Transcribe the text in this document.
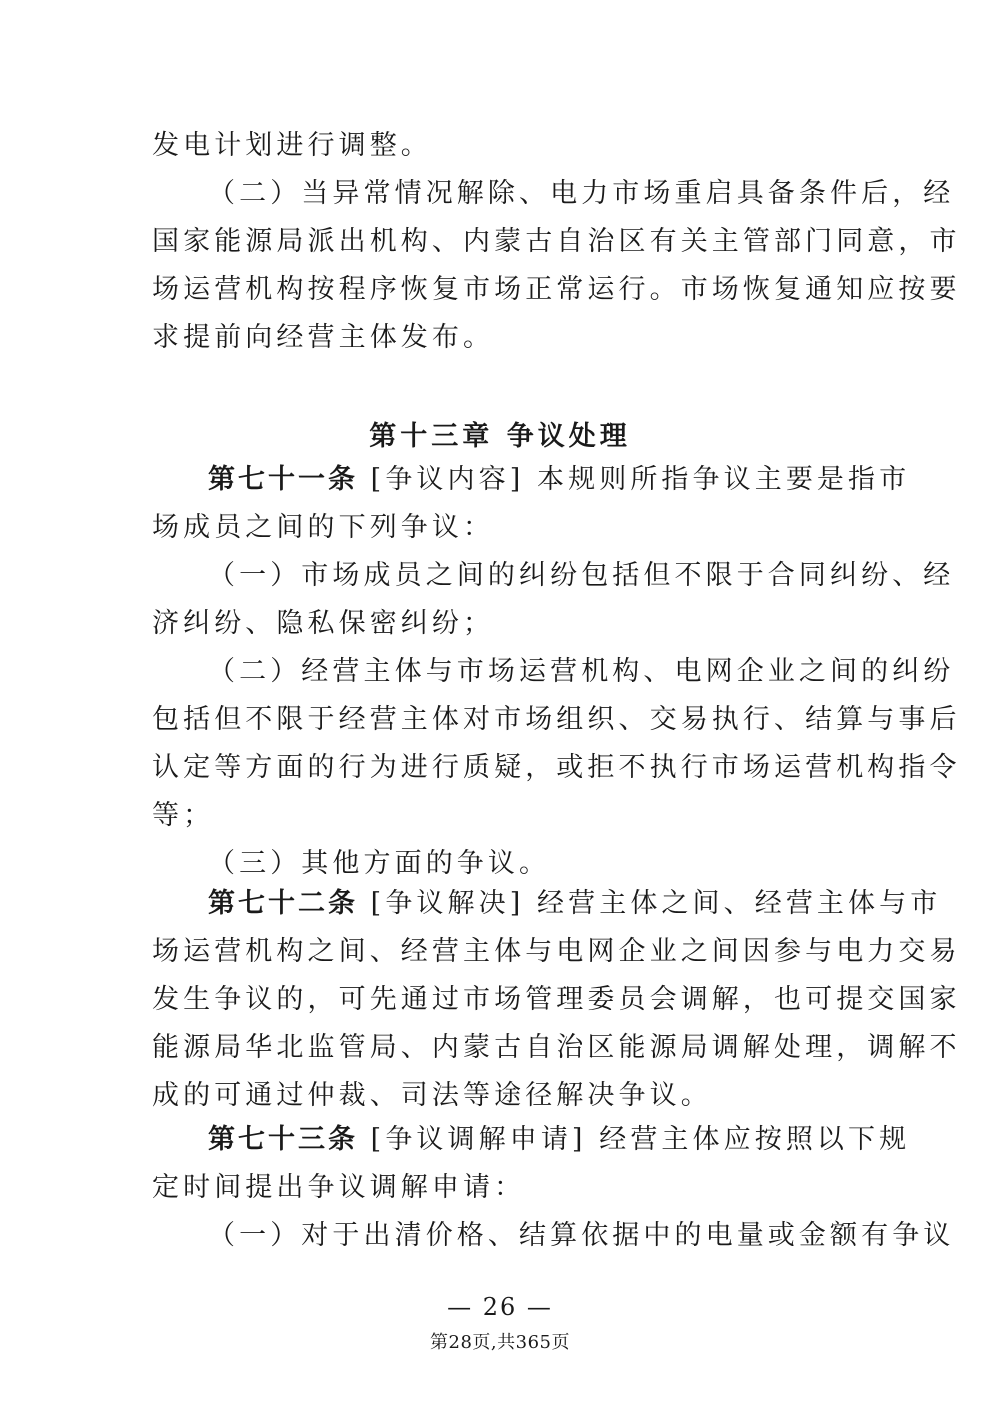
发电计划进行调整。
（二）当异常情况解除、电力市场重启具备条件后，经
国家能源局派出机构、内蒙古自治区有关主管部门同意，市
场运营机构按程序恢复市场正常运行。市场恢复通知应按要
求提前向经营主体发布。
第十三章 争议处理
第七十一条 [争议内容] 本规则所指争议主要是指市
场成员之间的下列争议：
（一）市场成员之间的纠纷包括但不限于合同纠纷、经
济纠纷、隐私保密纠纷；
（二）经营主体与市场运营机构、电网企业之间的纠纷
包括但不限于经营主体对市场组织、交易执行、结算与事后
认定等方面的行为进行质疑，或拒不执行市场运营机构指令
等；
（三）其他方面的争议。
第七十二条 [争议解决] 经营主体之间、经营主体与市
场运营机构之间、经营主体与电网企业之间因参与电力交易
发生争议的，可先通过市场管理委员会调解，也可提交国家
能源局华北监管局、内蒙古自治区能源局调解处理，调解不
成的可通过仲裁、司法等途径解决争议。
第七十三条 [争议调解申请] 经营主体应按照以下规
定时间提出争议调解申请：
（一）对于出清价格、结算依据中的电量或金额有争议
— 26 —
第28页,共365页
